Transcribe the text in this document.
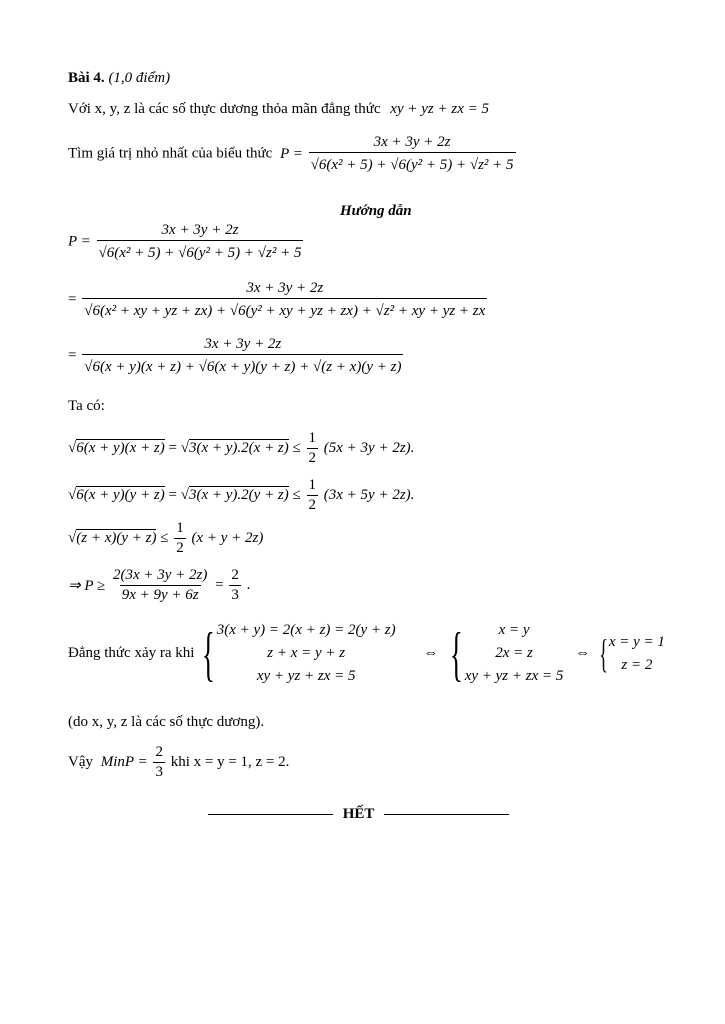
Bài 4. (1,0 điểm)
Với x, y, z là các số thực dương thỏa mãn đẳng thức xy + yz + zx = 5
Tìm giá trị nhỏ nhất của biểu thức $P = \frac{3x + 3y + 2z}{\text{√6(x² + 5) + √6(y² + 5) + √z² + 5}}$
Hướng dẫn
$P = \frac{3x + 3y + 2z}{\text{√6(x² + 5) + √6(y² + 5) + √z² + 5}}$
=
3x + 3y + 2z
√6(x² + xy + yz + zx) + √6(y² + xy + yz + zx) + √z² + xy + yz + zx
= $\frac{3x + 3y + 2z}{√6(x + y)(x + z) + √6(x + y)(y + z) + √(z + x)(y + z)}$
Ta có:
$√6(x + y)(x + z) = √3(x + y).2(x + z) \le \frac{1}{2} (5x + 3y + 2z)$.
$√6(x + y)(y + z) = √3(x + y).2(y + z) \le \frac{1}{2} (3x + 5y + 2z)$.
$√(z + x)(y + z) \le \frac{1}{2} (x + y + 2z)$
⇒ $P \ge \frac{2(3x + 3y + 2z)}{9x + 9y + 6z} = \frac{2}{3}$ .
Đẳng thức xảy ra khi { 3(x + y) = 2(x + z) = 2(y + z)
z + x = y + z
xy + yz + zx = 5
⇔ {	x = y
2x = z
xy + yz + zx = 5
⇔ { x = y = 1
z = 2
(do x, y, z là các số thực dương).
Vậy MinP = $\frac{2}{3}$ khi x = y = 1, z = 2.
HẾT
